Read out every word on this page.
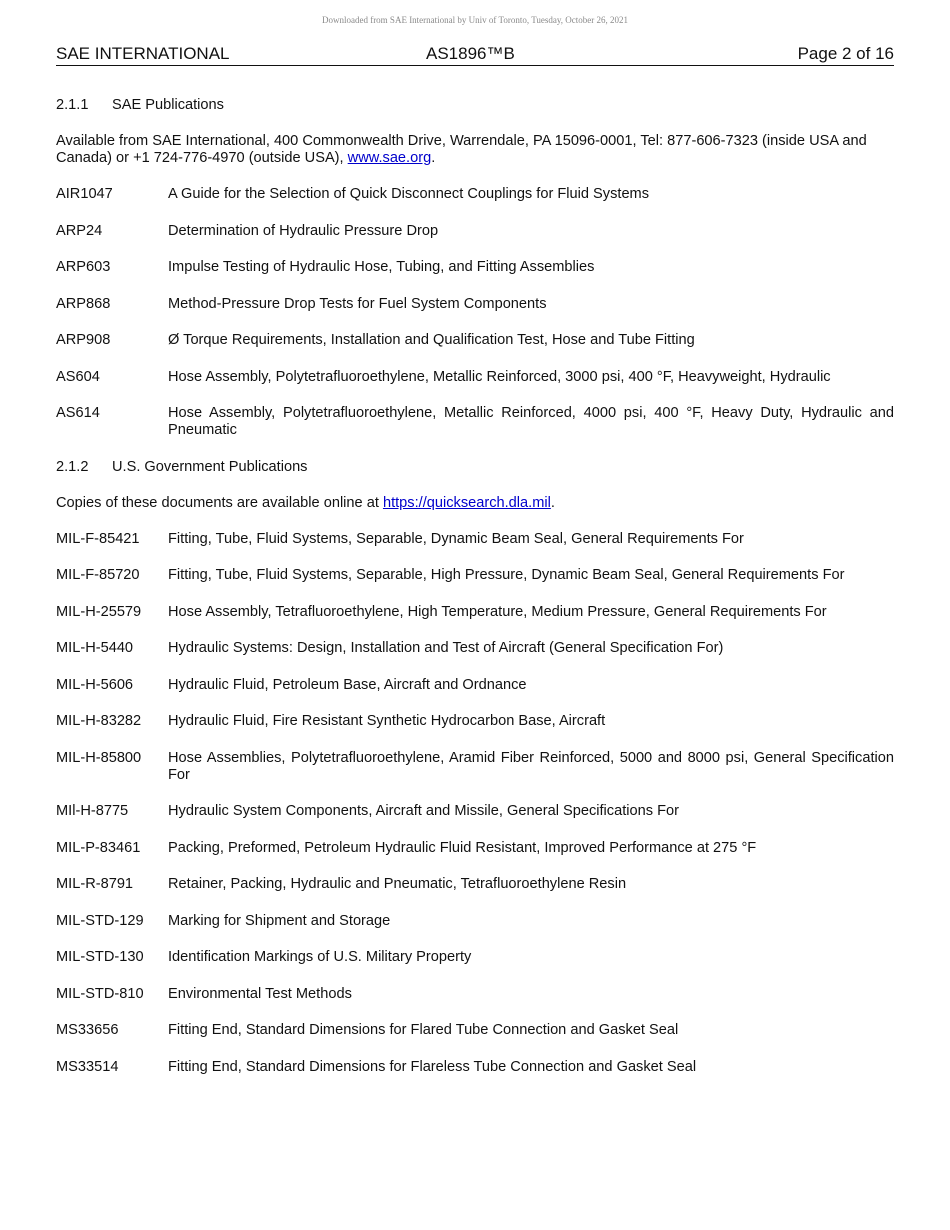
Downloaded from SAE International by Univ of Toronto, Tuesday, October 26, 2021
SAE INTERNATIONAL	AS1896™B	Page 2 of 16
2.1.1 SAE Publications
Available from SAE International, 400 Commonwealth Drive, Warrendale, PA 15096-0001, Tel: 877-606-7323 (inside USA and Canada) or +1 724-776-4970 (outside USA), www.sae.org.
AIR1047	A Guide for the Selection of Quick Disconnect Couplings for Fluid Systems
ARP24	Determination of Hydraulic Pressure Drop
ARP603	Impulse Testing of Hydraulic Hose, Tubing, and Fitting Assemblies
ARP868	Method-Pressure Drop Tests for Fuel System Components
ARP908	Ø Torque Requirements, Installation and Qualification Test, Hose and Tube Fitting
AS604	Hose Assembly, Polytetrafluoroethylene, Metallic Reinforced, 3000 psi, 400 °F, Heavyweight, Hydraulic
AS614	Hose Assembly, Polytetrafluoroethylene, Metallic Reinforced, 4000 psi, 400 °F, Heavy Duty, Hydraulic and Pneumatic
2.1.2 U.S. Government Publications
Copies of these documents are available online at https://quicksearch.dla.mil.
MIL-F-85421	Fitting, Tube, Fluid Systems, Separable, Dynamic Beam Seal, General Requirements For
MIL-F-85720	Fitting, Tube, Fluid Systems, Separable, High Pressure, Dynamic Beam Seal, General Requirements For
MIL-H-25579	Hose Assembly, Tetrafluoroethylene, High Temperature, Medium Pressure, General Requirements For
MIL-H-5440	Hydraulic Systems: Design, Installation and Test of Aircraft (General Specification For)
MIL-H-5606	Hydraulic Fluid, Petroleum Base, Aircraft and Ordnance
MIL-H-83282	Hydraulic Fluid, Fire Resistant Synthetic Hydrocarbon Base, Aircraft
MIL-H-85800	Hose Assemblies, Polytetrafluoroethylene, Aramid Fiber Reinforced, 5000 and 8000 psi, General Specification For
MIl-H-8775	Hydraulic System Components, Aircraft and Missile, General Specifications For
MIL-P-83461	Packing, Preformed, Petroleum Hydraulic Fluid Resistant, Improved Performance at 275 °F
MIL-R-8791	Retainer, Packing, Hydraulic and Pneumatic, Tetrafluoroethylene Resin
MIL-STD-129	Marking for Shipment and Storage
MIL-STD-130	Identification Markings of U.S. Military Property
MIL-STD-810	Environmental Test Methods
MS33656	Fitting End, Standard Dimensions for Flared Tube Connection and Gasket Seal
MS33514	Fitting End, Standard Dimensions for Flareless Tube Connection and Gasket Seal
